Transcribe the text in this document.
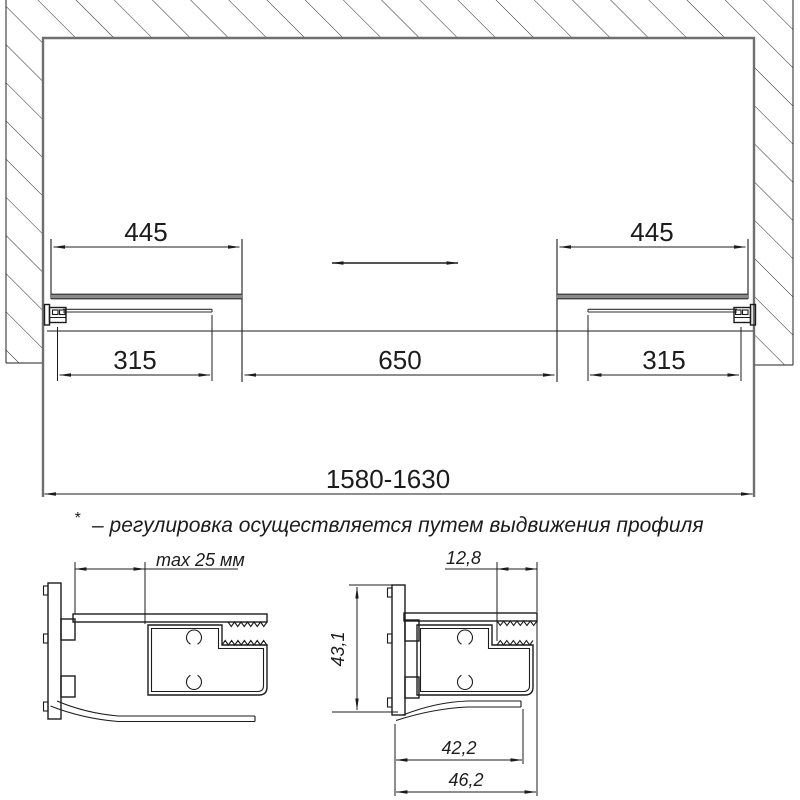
445	445
315	650	315
1580-1630
* – регулировка осуществляется путем выдвижения профиля
max 25 мм	12,8
43,1
42,2
46,2
